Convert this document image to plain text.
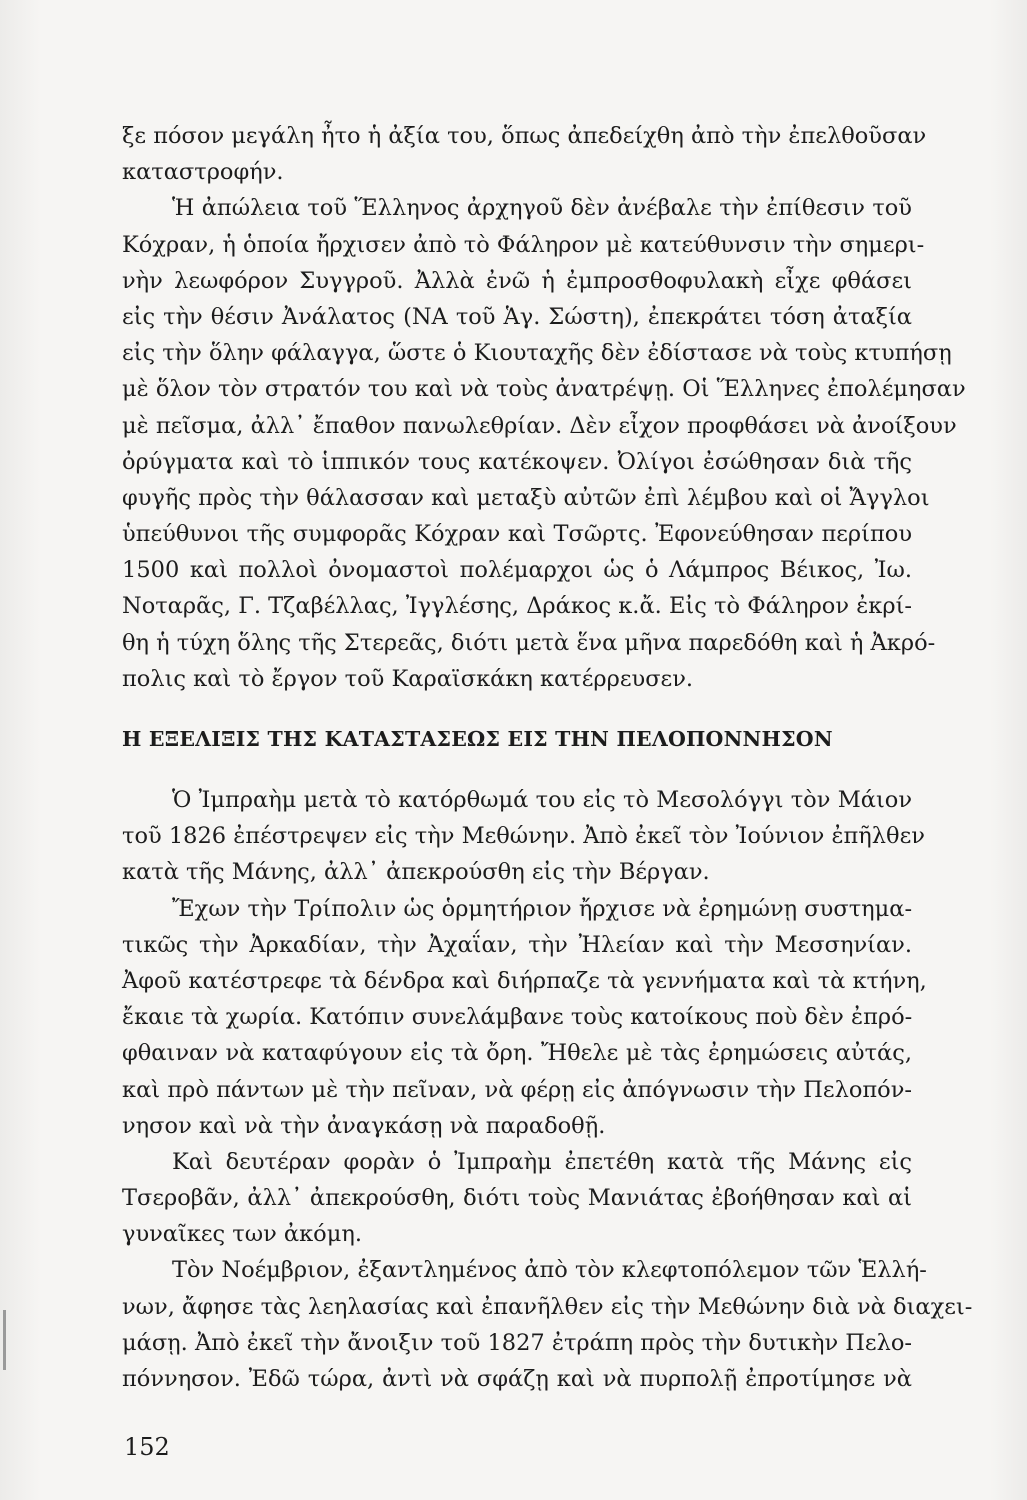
ξε πόσον μεγάλη ἦτο ἡ ἀξία του, ὅπως ἀπεδείχθη ἀπὸ τὴν ἐπελθοῦσαν
καταστροφήν.
Ἡ ἀπώλεια τοῦ Ἕλληνος ἀρχηγοῦ δὲν ἀνέβαλε τὴν ἐπίθεσιν τοῦ
Κόχραν, ἡ ὁποία ἤρχισεν ἀπὸ τὸ Φάληρον μὲ κατεύθυνσιν τὴν σημερι-
νὴν λεωφόρον Συγγροῦ. Ἀλλὰ ἐνῶ ἡ ἐμπροσθοφυλακὴ εἶχε φθάσει
εἰς τὴν θέσιν Ἀνάλατος (ΝΑ τοῦ Ἁγ. Σώστη), ἐπεκράτει τόση ἀταξία
εἰς τὴν ὅλην φάλαγγα, ὥστε ὁ Κιουταχῆς δὲν ἐδίστασε νὰ τοὺς κτυπήσῃ
μὲ ὅλον τὸν στρατόν του καὶ νὰ τοὺς ἀνατρέψῃ. Οἱ Ἕλληνες ἐπολέμησαν
μὲ πεῖσμα, ἀλλ᾽ ἔπαθον πανωλεθρίαν. Δὲν εἶχον προφθάσει νὰ ἀνοίξουν
ὀρύγματα καὶ τὸ ἱππικόν τους κατέκοψεν. Ὀλίγοι ἐσώθησαν διὰ τῆς
φυγῆς πρὸς τὴν θάλασσαν καὶ μεταξὺ αὐτῶν ἐπὶ λέμβου καὶ οἱ Ἄγγλοι
ὑπεύθυνοι τῆς συμφορᾶς Κόχραν καὶ Τσῶρτς. Ἐφονεύθησαν περίπου
1500 καὶ πολλοὶ ὀνομαστοὶ πολέμαρχοι ὡς ὁ Λάμπρος Βέικος, Ἰω.
Νοταρᾶς, Γ. Τζαβέλλας, Ἰγγλέσης, Δράκος κ.ἄ. Εἰς τὸ Φάληρον ἐκρί-
θη ἡ τύχη ὅλης τῆς Στερεᾶς, διότι μετὰ ἕνα μῆνα παρεδόθη καὶ ἡ Ἀκρό-
πολις καὶ τὸ ἔργον τοῦ Καραϊσκάκη κατέρρευσεν.
Η ΕΞΕΛΙΞΙΣ ΤΗΣ ΚΑΤΑΣΤΑΣΕΩΣ ΕΙΣ ΤΗΝ ΠΕΛΟΠΟΝΝΗΣΟΝ
Ὁ Ἰμπραὴμ μετὰ τὸ κατόρθωμά του εἰς τὸ Μεσολόγγι τὸν Μάιον
τοῦ 1826 ἐπέστρεψεν εἰς τὴν Μεθώνην. Ἀπὸ ἐκεῖ τὸν Ἰούνιον ἐπῆλθεν
κατὰ τῆς Μάνης, ἀλλ᾽ ἀπεκρούσθη εἰς τὴν Βέργαν.
Ἔχων τὴν Τρίπολιν ὡς ὁρμητήριον ἤρχισε νὰ ἐρημώνῃ συστημα-
τικῶς τὴν Ἀρκαδίαν, τὴν Ἀχαΐαν, τὴν Ἠλείαν καὶ τὴν Μεσσηνίαν.
Ἀφοῦ κατέστρεφε τὰ δένδρα καὶ διήρπαζε τὰ γεννήματα καὶ τὰ κτήνη,
ἔκαιε τὰ χωρία. Κατόπιν συνελάμβανε τοὺς κατοίκους ποὺ δὲν ἐπρό-
φθαιναν νὰ καταφύγουν εἰς τὰ ὄρη. Ἤθελε μὲ τὰς ἐρημώσεις αὐτάς,
καὶ πρὸ πάντων μὲ τὴν πεῖναν, νὰ φέρῃ εἰς ἀπόγνωσιν τὴν Πελοπόν-
νησον καὶ νὰ τὴν ἀναγκάσῃ νὰ παραδοθῇ.
Καὶ δευτέραν φορὰν ὁ Ἰμπραὴμ ἐπετέθη κατὰ τῆς Μάνης εἰς
Τσεροβᾶν, ἀλλ᾽ ἀπεκρούσθη, διότι τοὺς Μανιάτας ἐβοήθησαν καὶ αἱ
γυναῖκες των ἀκόμη.
Τὸν Νοέμβριον, ἐξαντλημένος ἀπὸ τὸν κλεφτοπόλεμον τῶν Ἑλλή-
νων, ἄφησε τὰς λεηλασίας καὶ ἐπανῆλθεν εἰς τὴν Μεθώνην διὰ νὰ διαχει-
μάσῃ. Ἀπὸ ἐκεῖ τὴν ἄνοιξιν τοῦ 1827 ἐτράπη πρὸς τὴν δυτικὴν Πελο-
πόννησον. Ἐδῶ τώρα, ἀντὶ νὰ σφάζῃ καὶ νὰ πυρπολῇ ἐπροτίμησε νὰ
152
